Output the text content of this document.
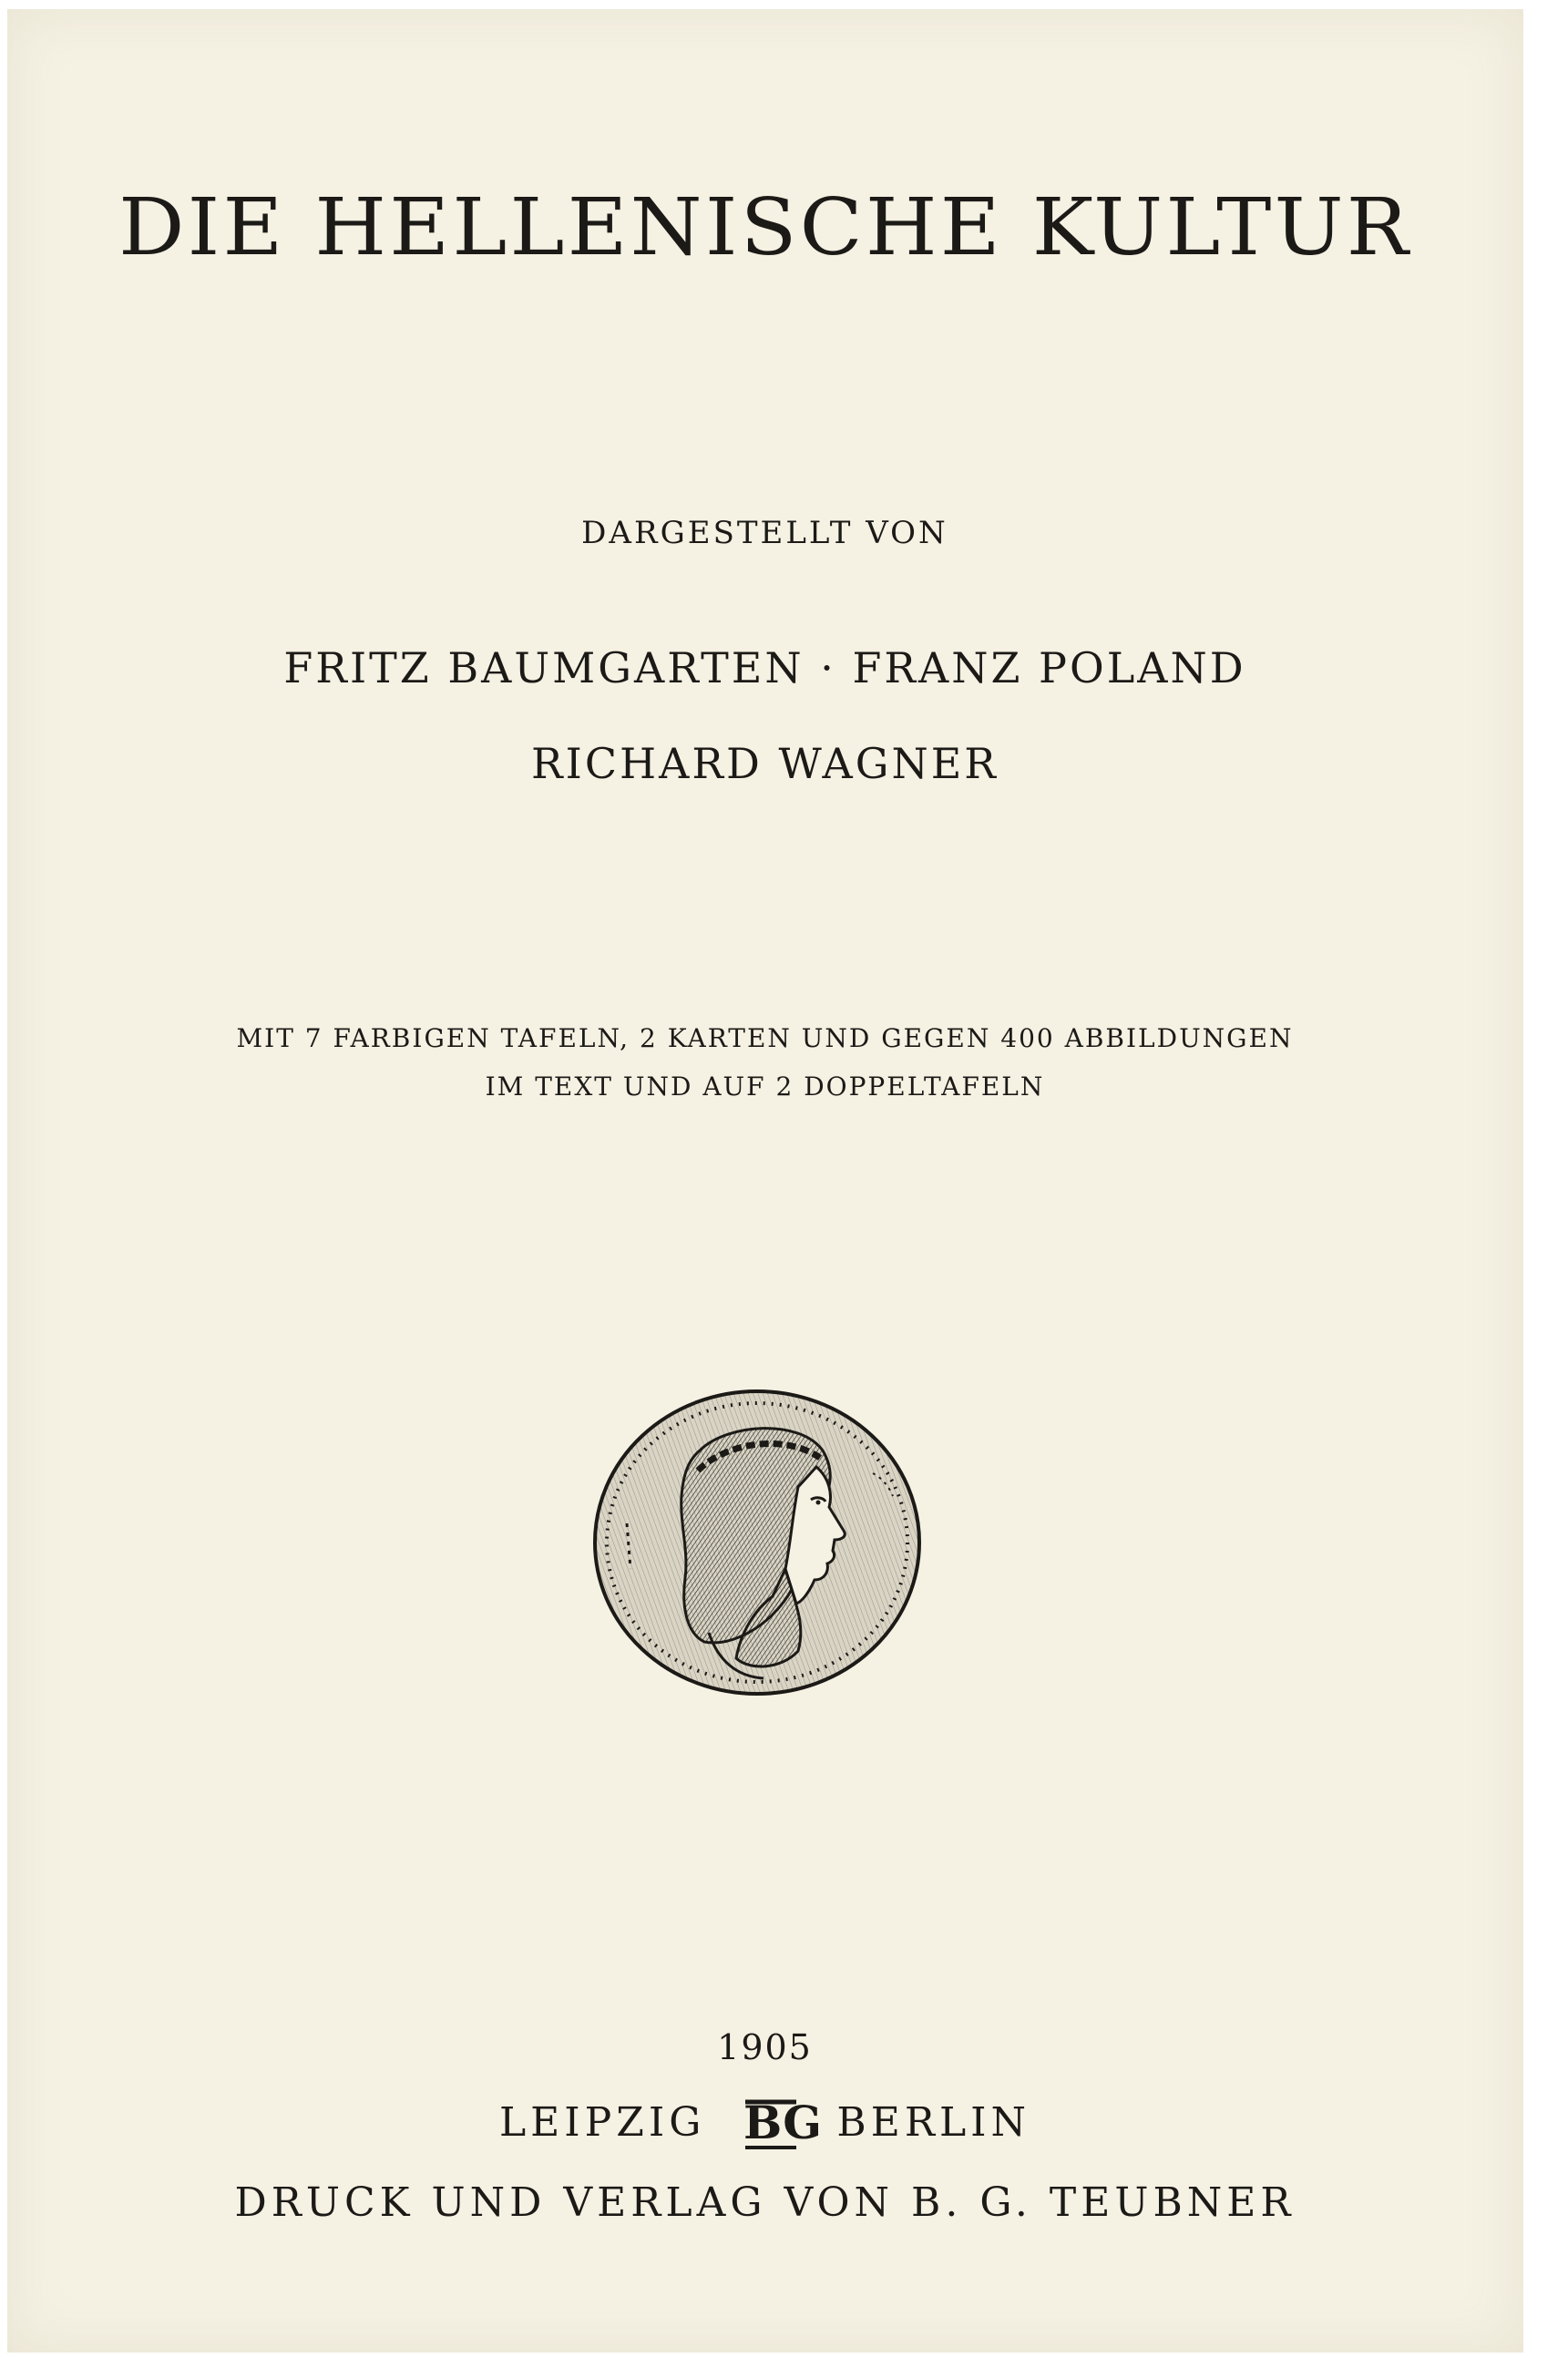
DIE HELLENISCHE KULTUR

DARGESTELLT VON

FRITZ BAUMGARTEN · FRANZ POLAND

RICHARD WAGNER

MIT 7 FARBIGEN TAFELN, 2 KARTEN UND GEGEN 400 ABBILDUNGEN

IM TEXT UND AUF 2 DOPPELTAFELN

1905

LEIPZIG BG BERLIN

DRUCK UND VERLAG VON B. G. TEUBNER
